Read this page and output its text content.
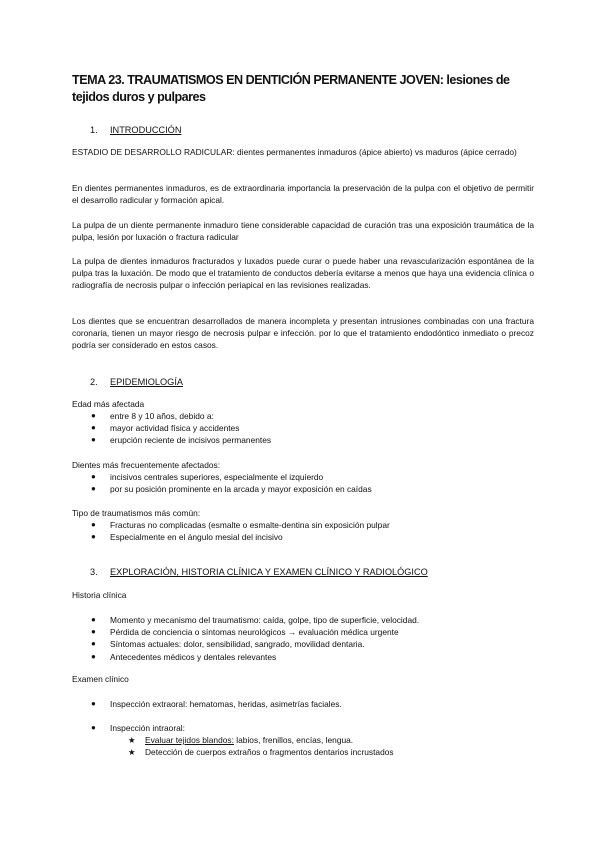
TEMA 23. TRAUMATISMOS EN DENTICIÓN PERMANENTE JOVEN: lesiones de tejidos duros y pulpares
1. INTRODUCCIÓN
ESTADIO DE DESARROLLO RADICULAR: dientes permanentes inmaduros (ápice abierto) vs maduros (ápice cerrado)
En dientes permanentes inmaduros, es de extraordinaria importancia la preservación de la pulpa con el objetivo de permitir el desarrollo radicular y formación apical.
La pulpa de un diente permanente inmaduro tiene considerable capacidad de curación tras una exposición traumática de la pulpa, lesión por luxación o fractura radicular
La pulpa de dientes inmaduros fracturados y luxados puede curar o puede haber una revascularización espontánea de la pulpa tras la luxación. De modo que el tratamiento de conductos debería evitarse a menos que haya una evidencia clínica o radiografía de necrosis pulpar o infección periapical en las revisiones realizadas.
Los dientes que se encuentran desarrollados de manera incompleta y presentan intrusiones combinadas con una fractura coronaria, tienen un mayor riesgo de necrosis pulpar e infección. por lo que el tratamiento endodóntico inmediato o precoz podría ser considerado en estos casos.
2. EPIDEMIOLOGÍA
Edad más afectada
● entre 8 y 10 años, debido a:
● mayor actividad física y accidentes
● erupción reciente de incisivos permanentes
Dientes más frecuentemente afectados:
● incisivos centrales superiores, especialmente el izquierdo
● por su posición prominente en la arcada y mayor exposición en caídas
Tipo de traumatismos más común:
● Fracturas no complicadas (esmalte o esmalte-dentina sin exposición pulpar
● Especialmente en el ángulo mesial del incisivo
3. EXPLORACIÓN, HISTORIA CLÍNICA Y EXAMEN CLÍNICO Y RADIOLÓGICO
Historia clínica
● Momento y mecanismo del traumatismo: caída, golpe, tipo de superficie, velocidad.
● Pérdida de conciencia o síntomas neurológicos → evaluación médica urgente
● Síntomas actuales: dolor, sensibilidad, sangrado, movilidad dentaria.
● Antecedentes médicos y dentales relevantes
Examen clínico
● Inspección extraoral: hematomas, heridas, asimetrías faciales.
● Inspección intraoral:
★ Evaluar tejidos blandos: labios, frenillos, encías, lengua.
★ Detección de cuerpos extraños o fragmentos dentarios incrustados
